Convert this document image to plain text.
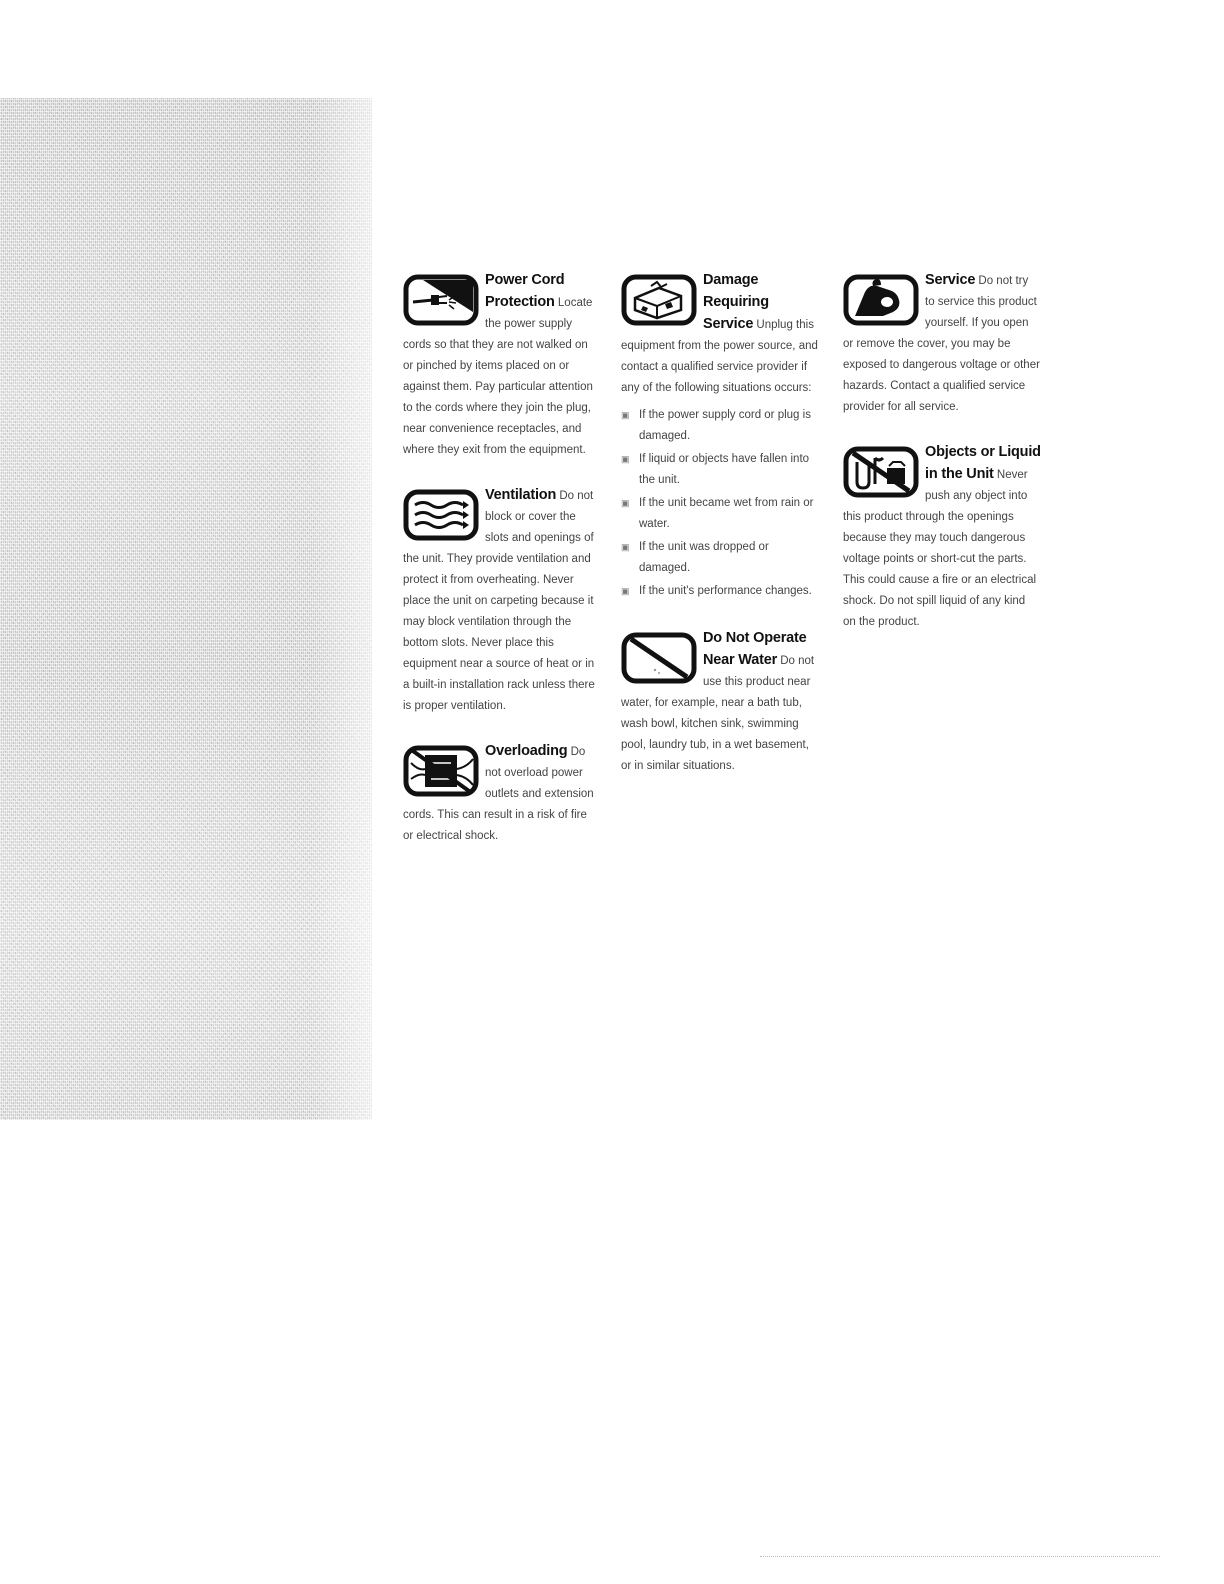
Power Cord Protection Locate the power supply cords so that they are not walked on or pinched by items placed on or against them. Pay particular attention to the cords where they join the plug, near convenience receptacles, and where they exit from the equipment.

Ventilation Do not block or cover the slots and openings of the unit. They provide ventilation and protect it from overheating. Never place the unit on carpeting because it may block ventilation through the bottom slots. Never place this equipment near a source of heat or in a built-in installation rack unless there is proper ventilation.

Overloading Do not overload power outlets and extension cords. This can result in a risk of fire or electrical shock.

Damage Requiring Service Unplug this equipment from the power source, and contact a qualified service provider if any of the following situations occurs:

▣ If the power supply cord or plug is damaged.
▣ If liquid or objects have fallen into the unit.
▣ If the unit became wet from rain or water.
▣ If the unit was dropped or damaged.
▣ If the unit's performance changes.

Do Not Operate Near Water Do not use this product near water, for example, near a bath tub, wash bowl, kitchen sink, swimming pool, laundry tub, in a wet basement, or in similar situations.

Service Do not try to service this product yourself. If you open or remove the cover, you may be exposed to dangerous voltage or other hazards. Contact a qualified service provider for all service.

Objects or Liquid in the Unit Never push any object into this product through the openings because they may touch dangerous voltage points or short-cut the parts. This could cause a fire or an electrical shock. Do not spill liquid of any kind on the product.
